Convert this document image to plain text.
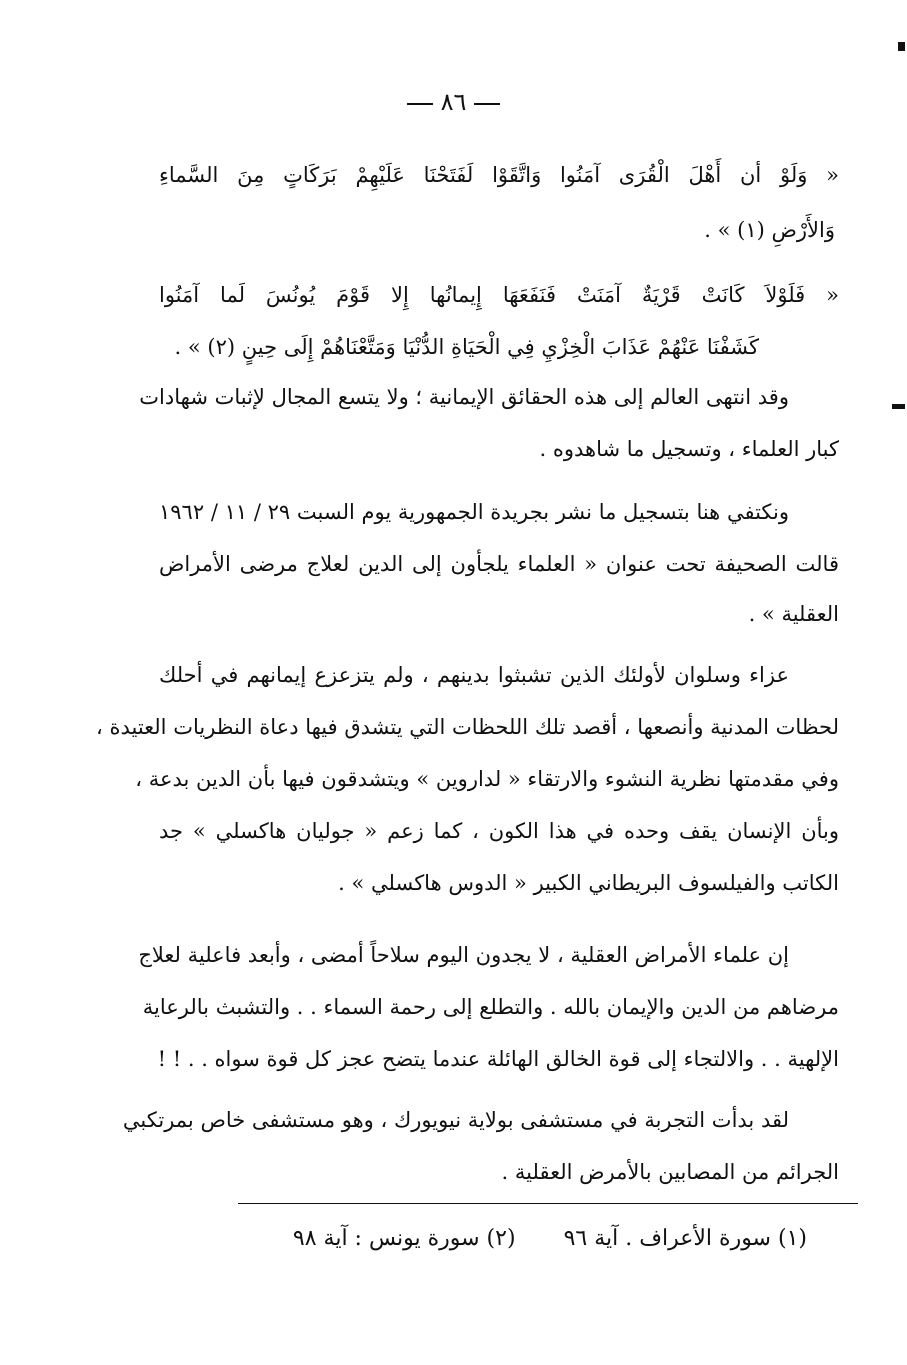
٨٦
« وَلَوْ أن أَهْلَ الْقُرَى آمَنُوا وَاتَّقَوْا لَفَتَحْنَا عَلَيْهِمْ بَرَكَاتٍ مِنَ السَّماءِ
وَالأَرْضِ (١) » .
« فَلَوْلاَ كَانَتْ قَرْيَةٌ آمَنَتْ فَنَفَعَهَا إِيمانُها إِلا قَوْمَ يُونُسَ لَما آمَنُوا
كَشَفْنَا عَنْهُمْ عَذَابَ الْخِزْيِ فِي الْحَيَاةِ الدُّنْيَا وَمَتَّعْنَاهُمْ إِلَى حِينٍ (٢) » .
وقد انتهى العالم إلى هذه الحقائق الإيمانية ؛ ولا يتسع المجال لإثبات شهادات
كبار العلماء ، وتسجيل ما شاهدوه .
ونكتفي هنا بتسجيل ما نشر بجريدة الجمهورية يوم السبت ٢٩ / ١١ / ١٩٦٢
قالت الصحيفة تحت عنوان « العلماء يلجأون إلى الدين لعلاج مرضى الأمراض
العقلية » .
عزاء وسلوان لأولئك الذين تشبثوا بدينهم ، ولم يتزعزع إيمانهم في أحلك
لحظات المدنية وأنصعها ، أقصد تلك اللحظات التي يتشدق فيها دعاة النظريات العتيدة ،
وفي مقدمتها نظرية النشوء والارتقاء « لداروين » ويتشدقون فيها بأن الدين بدعة ،
وبأن الإنسان يقف وحده في هذا الكون ، كما زعم « جوليان هاكسلي » جد
الكاتب والفيلسوف البريطاني الكبير « الدوس هاكسلي » .
إن علماء الأمراض العقلية ، لا يجدون اليوم سلاحاً أمضى ، وأبعد فاعلية لعلاج
مرضاهم من الدين والإيمان بالله . والتطلع إلى رحمة السماء . . والتشبث بالرعاية
الإلهية . . والالتجاء إلى قوة الخالق الهائلة عندما يتضح عجز كل قوة سواه . . ! !
لقد بدأت التجربة في مستشفى بولاية نيويورك ، وهو مستشفى خاص بمرتكبي
الجرائم من المصابين بالأمرض العقلية .
(١) سورة الأعراف . آية ٩٦(٢) سورة يونس : آية ٩٨
